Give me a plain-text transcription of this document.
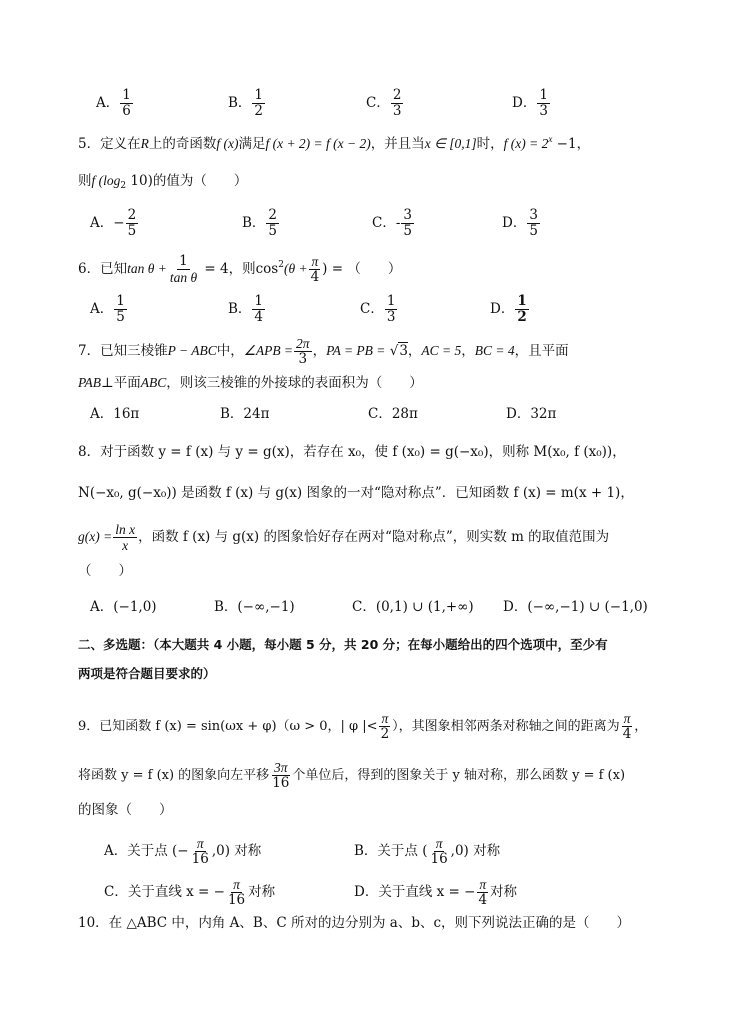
A． $\frac{1}{6}$	B． $\frac{1}{2}$	C． $\frac{2}{3}$	D． $\frac{1}{3}$
5．定义在R上的奇函数f (x)满足f (x + 2) = f (x − 2)，并且当x ∈ [0,1]时，f $(x) = 2^x -1$，
则f ($\log_2$ 10)的值为（　　）
A．− $\frac{2}{5}$	B． $\frac{2}{5}$	C．- $\frac{3}{5}$	D． $\frac{3}{5}$
6．已知$\tan \theta + \frac{1}{\text{tan θ}} = 4$，则$\cos^2(\theta + \frac{\pi}{4}$ ) = （　　）
A． $\frac{1}{5}$	B． $\frac{1}{4}$	C． $\frac{1}{3}$	D． $\frac{1}{2}$
7．已知三棱锥P − ABC中，∠APB = $\frac{2\pi}{3}$ ，PA = PB = √3，AC = 5，BC = 4，且平面
PAB⊥平面ABC，则该三棱锥的外接球的表面积为（　　）
A．16π	B．24π	C．28π	D．32π
8．对于函数 y = f (x) 与 y = g(x)，若存在 x₀，使 f (x₀) = g(−x₀)，则称 M(x₀, f (x₀))，
N(−x₀, g(−x₀)) 是函数 f (x) 与 g(x) 图象的一对“隐对称点”．已知函数 f (x) = m(x + 1)，
$g(x) = \frac{\text{ln x}}{x}$ ，函数 f (x) 与 g(x) 的图象恰好存在两对“隐对称点”，则实数 m 的取值范围为
（　　）
A．(−1,0)	B．(−∞,−1)	C．(0,1) ∪ (1,+∞) D．(−∞,−1) ∪ (−1,0)
二、多选题：（本大题共 4 小题，每小题 5 分，共 20 分；在每小题给出的四个选项中，至少有
两项是符合题目要求的）
9．已知函数 f (x) = sin(ωx + φ)（ω > 0，| φ |< $\frac{\pi}{2}$ ），其图象相邻两条对称轴之间的距离为 $\frac{\pi}{4}$ ，
将函数 y = f (x) 的图象向左平移 $\frac{3\pi}{16}$ 个单位后，得到的图象关于 y 轴对称，那么函数 y = f (x)
的图象（　　）
A．关于点 (− $\frac{\pi}{16} ,0$) 对称	B．关于点 ( $\frac{\pi}{16} ,0$) 对称
C．关于直线 x = − $\frac{\pi}{16}$ 对称	D．关于直线 x = − $\frac{\pi}{4}$ 对称
10．在 △ABC 中，内角 A、B、C 所对的边分别为 a、b、c，则下列说法正确的是（　　）
